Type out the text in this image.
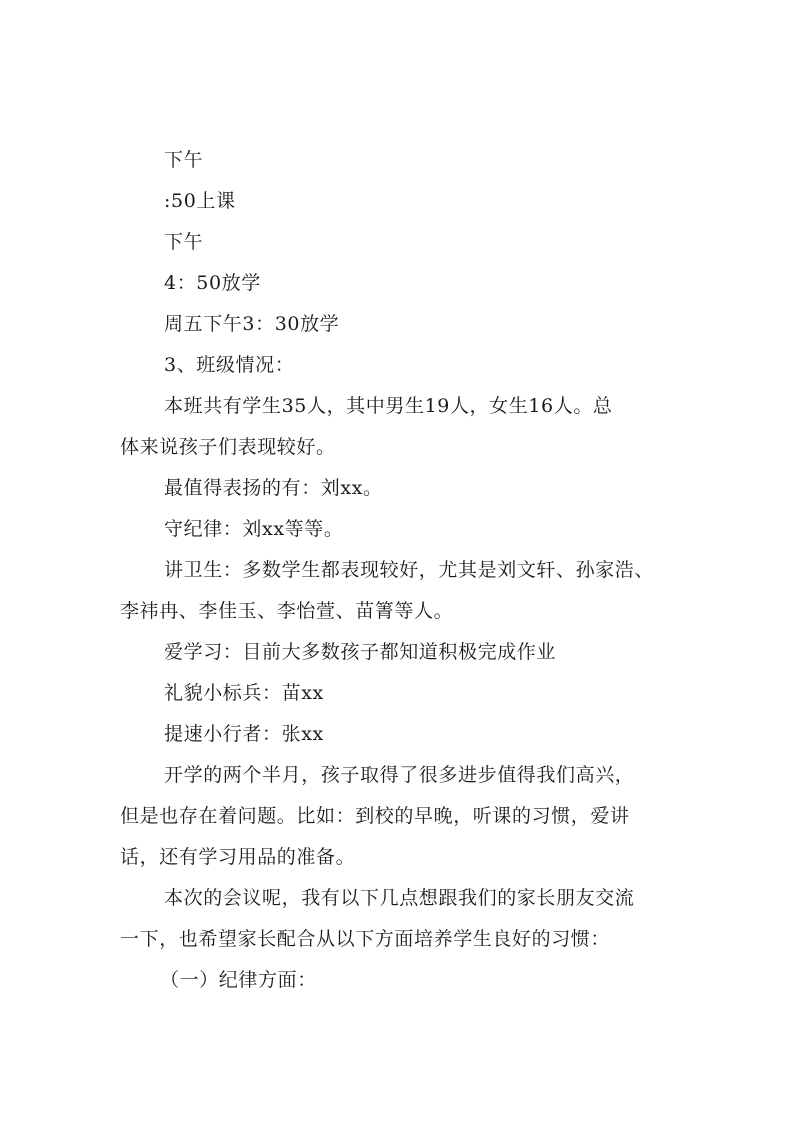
下午
:50上课
下午
4：50放学
周五下午3：30放学
3、班级情况：
本班共有学生35人，其中男生19人，女生16人。总
体来说孩子们表现较好。
最值得表扬的有：刘xx。
守纪律：刘xx等等。
讲卫生：多数学生都表现较好，尤其是刘文轩、孙家浩、
李祎冉、李佳玉、李怡萱、苗箐等人。
爱学习：目前大多数孩子都知道积极完成作业
礼貌小标兵：苗xx
提速小行者：张xx
开学的两个半月，孩子取得了很多进步值得我们高兴，
但是也存在着问题。比如：到校的早晚，听课的习惯，爱讲
话，还有学习用品的准备。
本次的会议呢，我有以下几点想跟我们的家长朋友交流
一下，也希望家长配合从以下方面培养学生良好的习惯：
（一）纪律方面：
